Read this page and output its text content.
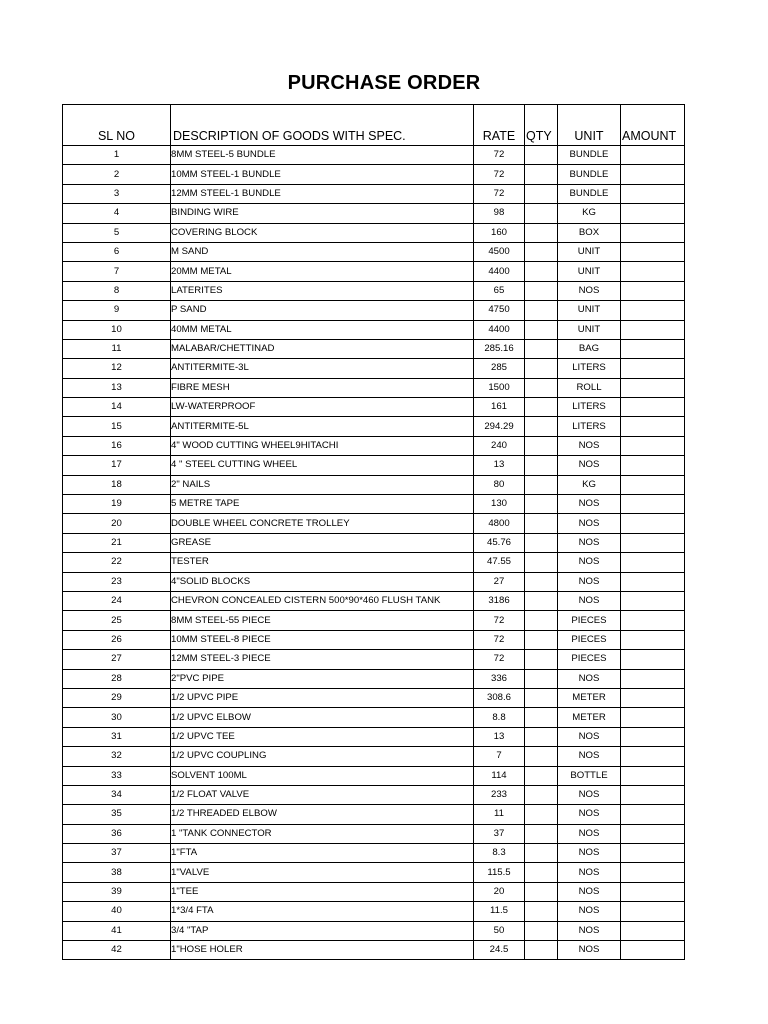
PURCHASE ORDER
SL NO	DESCRIPTION OF GOODS WITH SPEC.	RATE	QTY	UNIT	AMOUNT
1	8MM STEEL-5 BUNDLE	72		BUNDLE	
2	10MM STEEL-1 BUNDLE	72		BUNDLE	
3	12MM STEEL-1 BUNDLE	72		BUNDLE	
4	BINDING WIRE	98		KG	
5	COVERING BLOCK	160		BOX	
6	M SAND	4500		UNIT	
7	20MM METAL	4400		UNIT	
8	LATERITES	65		NOS	
9	P SAND	4750		UNIT	
10	40MM METAL	4400		UNIT	
11	MALABAR/CHETTINAD	285.16		BAG	
12	ANTITERMITE-3L	285		LITERS	
13	FIBRE MESH	1500		ROLL	
14	LW-WATERPROOF	161		LITERS	
15	ANTITERMITE-5L	294.29		LITERS	
16	4" WOOD CUTTING WHEEL9HITACHI	240		NOS	
17	4 " STEEL CUTTING WHEEL	13		NOS	
18	2" NAILS	80		KG	
19	5 METRE TAPE	130		NOS	
20	DOUBLE WHEEL CONCRETE TROLLEY	4800		NOS	
21	GREASE	45.76		NOS	
22	TESTER	47.55		NOS	
23	4"SOLID BLOCKS	27		NOS	
24	CHEVRON CONCEALED CISTERN 500*90*460 FLUSH TANK	3186		NOS	
25	8MM STEEL-55 PIECE	72		PIECES	
26	10MM STEEL-8 PIECE	72		PIECES	
27	12MM STEEL-3 PIECE	72		PIECES	
28	2"PVC PIPE	336		NOS	
29	1/2 UPVC PIPE	308.6		METER	
30	1/2 UPVC ELBOW	8.8		METER	
31	1/2 UPVC TEE	13		NOS	
32	1/2 UPVC COUPLING	7		NOS	
33	SOLVENT 100ML	114		BOTTLE	
34	1/2 FLOAT VALVE	233		NOS	
35	1/2 THREADED ELBOW	11		NOS	
36	1 "TANK CONNECTOR	37		NOS	
37	1"FTA	8.3		NOS	
38	1"VALVE	115.5		NOS	
39	1"TEE	20		NOS	
40	1*3/4 FTA	11.5		NOS	
41	3/4 "TAP	50		NOS	
42	1"HOSE HOLER	24.5		NOS	
